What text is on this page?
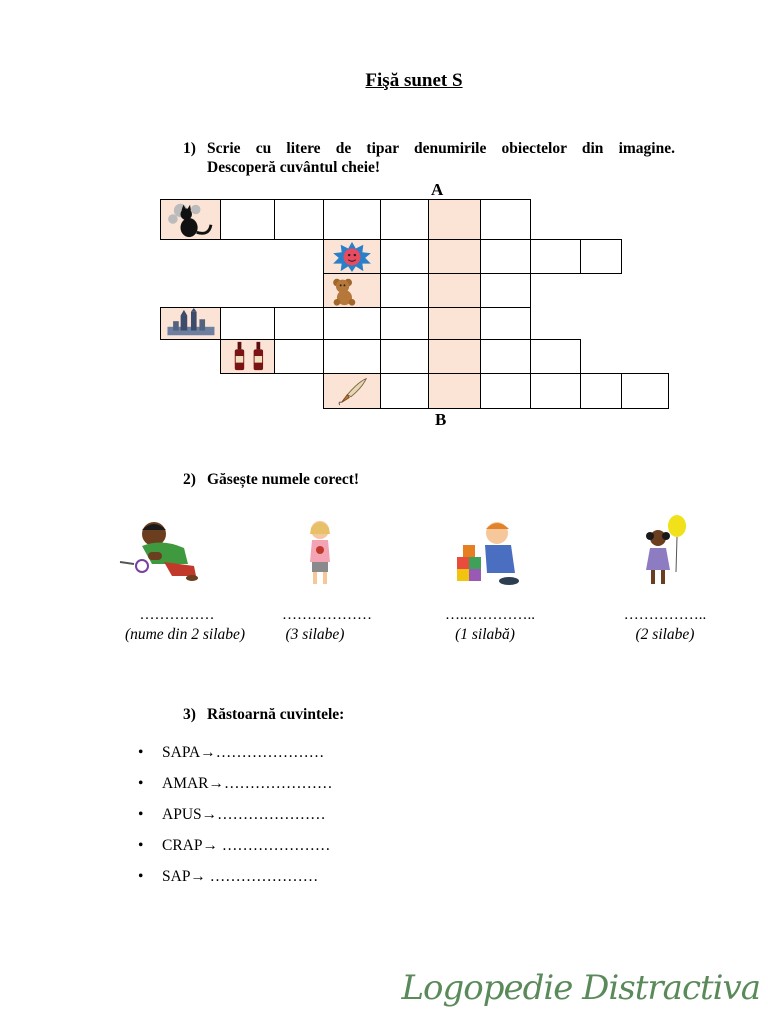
Fişă sunet S
1) Scrie cu litere de tipar denumirile obiectelor din imagine.
Descoperă cuvântul cheie!
A
B
2) Găsește numele corect!
……………	………………	…..…………..	……………..
(nume din 2 silabe)	(3 silabe)	(1 silabă)	(2 silabe)
3) Răstoarnă cuvintele:
• SAPA→…………………
• AMAR→…………………
• APUS→…………………
• CRAP→ …………………
• SAP→ …………………
Logopedie Distractiva
